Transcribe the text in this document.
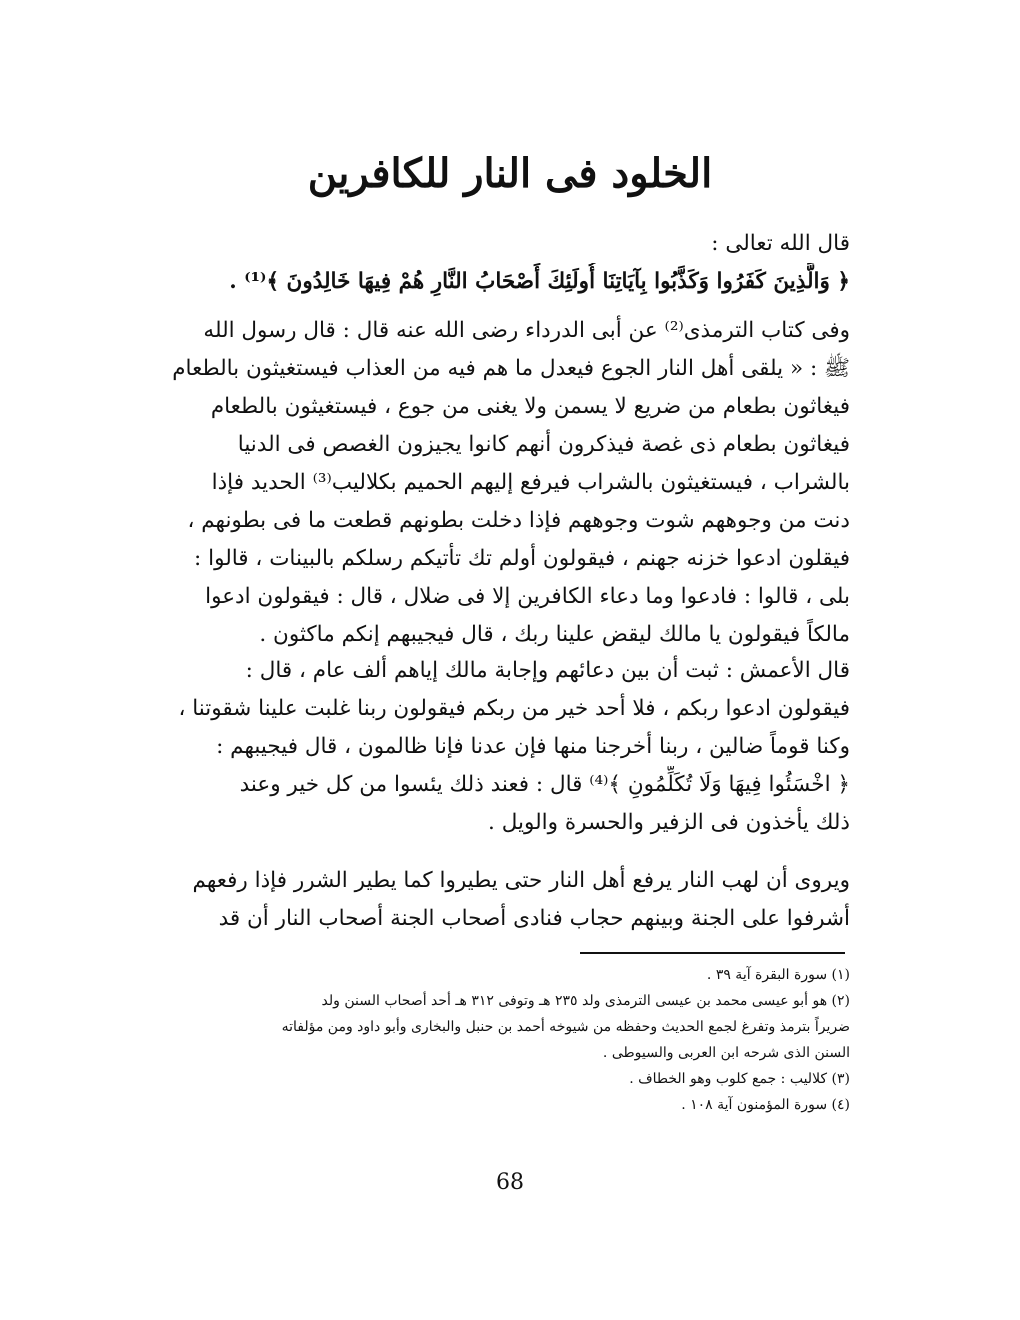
الخلود فى النار للكافرين
قال الله تعالى :
﴿ وَالَّذِينَ كَفَرُوا وَكَذَّبُوا بِآيَاتِنَا أُولَئِكَ أَصْحَابُ النَّارِ هُمْ فِيهَا خَالِدُونَ ﴾⁽¹⁾ .
وفى كتاب الترمذى⁽²⁾ عن أبى الدرداء رضى الله عنه قال : قال رسول الله
ﷺ : « يلقى أهل النار الجوع فيعدل ما هم فيه من العذاب فيستغيثون بالطعام
فيغاثون بطعام من ضريع لا يسمن ولا يغنى من جوع ، فيستغيثون بالطعام
فيغاثون بطعام ذى غصة فيذكرون أنهم كانوا يجيزون الغصص فى الدنيا
بالشراب ، فيستغيثون بالشراب فيرفع إليهم الحميم بكلاليب⁽³⁾ الحديد فإذا
دنت من وجوههم شوت وجوههم فإذا دخلت بطونهم قطعت ما فى بطونهم ،
فيقلون ادعوا خزنه جهنم ، فيقولون أولم تك تأتيكم رسلكم بالبينات ، قالوا :
بلى ، قالوا : فادعوا وما دعاء الكافرين إلا فى ضلال ، قال : فيقولون ادعوا
مالكاً فيقولون يا مالك ليقض علينا ربك ، قال فيجيبهم إنكم ماكثون .
قال الأعمش : ثبت أن بين دعائهم وإجابة مالك إياهم ألف عام ، قال :
فيقولون ادعوا ربكم ، فلا أحد خير من ربكم فيقولون ربنا غلبت علينا شقوتنا ،
وكنا قوماً ضالين ، ربنا أخرجنا منها فإن عدنا فإنا ظالمون ، قال فيجيبهم :
﴿ اخْسَئُوا فِيهَا وَلَا تُكَلِّمُونِ ﴾⁽⁴⁾ قال : فعند ذلك يئسوا من كل خير وعند
ذلك يأخذون فى الزفير والحسرة والويل .
ويروى أن لهب النار يرفع أهل النار حتى يطيروا كما يطير الشرر فإذا رفعهم
أشرفوا على الجنة وبينهم حجاب فنادى أصحاب الجنة أصحاب النار أن قد
(١) سورة البقرة آية ٣٩ .
(٢) هو أبو عيسى محمد بن عيسى الترمذى ولد ٢٣٥ هـ وتوفى ٣١٢ هـ أحد أصحاب السنن ولد
ضريراً بترمذ وتفرغ لجمع الحديث وحفظه من شيوخه أحمد بن حنبل والبخارى وأبو داود ومن مؤلفاته
السنن الذى شرحه ابن العربى والسيوطى .
(٣) كلاليب : جمع كلوب وهو الخطاف .
(٤) سورة المؤمنون آية ١٠٨ .
68
